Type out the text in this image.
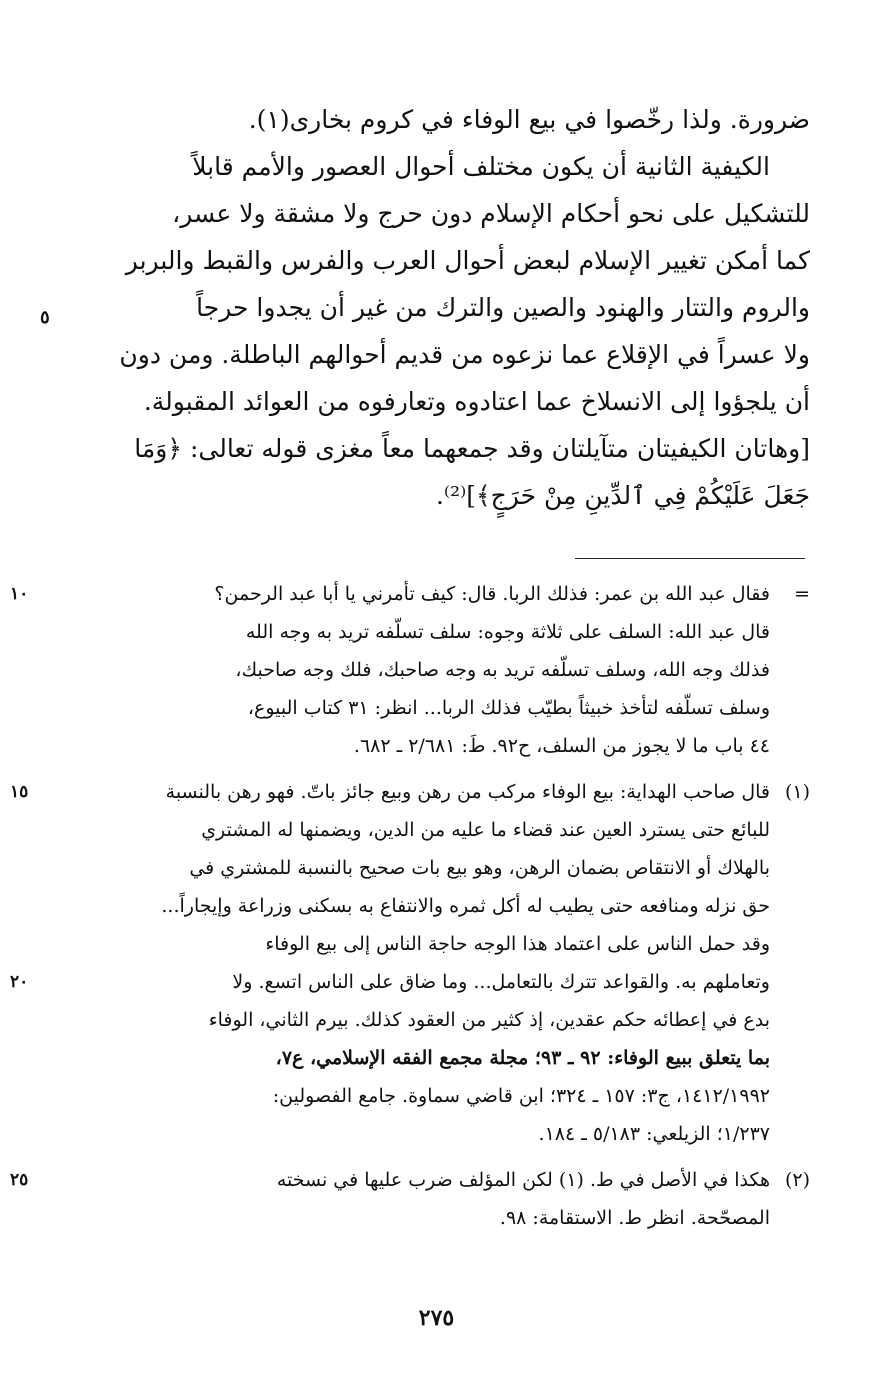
ضرورة. ولذا رخّصوا في بيع الوفاء في كروم بخارى(١).
الكيفية الثانية أن يكون مختلف أحوال العصور والأمم قابلاً
للتشكيل على نحو أحكام الإسلام دون حرج ولا مشقة ولا عسر،
كما أمكن تغيير الإسلام لبعض أحوال العرب والفرس والقبط والبربر
والروم والتتار والهنود والصين والترك من غير أن يجدوا حرجاً
ولا عسراً في الإقلاع عما نزعوه من قديم أحوالهم الباطلة. ومن دون
أن يلجؤوا إلى الانسلاخ عما اعتادوه وتعارفوه من العوائد المقبولة.
[وهاتان الكيفيتان متآيلتان وقد جمعهما معاً مغزى قوله تعالى: ﴿وَمَا
جَعَلَ عَلَيْكُمْ فِي ٱلدِّينِ مِنْ حَرَجٍ﴾]⁽²⁾.
٥
=
فقال عبد الله بن عمر: فذلك الربا. قال: كيف تأمرني يا أبا عبد الرحمن؟
١٠
قال عبد الله: السلف على ثلاثة وجوه: سلف تسلّفه تريد به وجه الله
فذلك وجه الله، وسلف تسلّفه تريد به وجه صاحبك، فلك وجه صاحبك،
وسلف تسلّفه لتأخذ خبيثاً بطيّب فذلك الربا... انظر: ٣١ كتاب البيوع،
٤٤ باب ما لا يجوز من السلف، ح٩٢. طَ: ٢/٦٨١ ـ ٦٨٢.
(١)
قال صاحب الهداية: بيع الوفاء مركب من رهن وبيع جائز باتّ. فهو رهن بالنسبة
١٥
للبائع حتى يسترد العين عند قضاء ما عليه من الدين، ويضمنها له المشتري
بالهلاك أو الانتقاص بضمان الرهن، وهو بيع بات صحيح بالنسبة للمشتري في
حق نزله ومنافعه حتى يطيب له أكل ثمره والانتفاع به بسكنى وزراعة وإيجاراً...
وقد حمل الناس على اعتماد هذا الوجه حاجة الناس إلى بيع الوفاء
وتعاملهم به. والقواعد تترك بالتعامل... وما ضاق على الناس اتسع. ولا
٢٠
بدع في إعطائه حكم عقدين، إذ كثير من العقود كذلك. بيرم الثاني، الوفاء
بما يتعلق ببيع الوفاء: ٩٢ ـ ٩٣؛ مجلة مجمع الفقه الإسلامي، ع٧،
١٤١٢/١٩٩٢، ج٣: ١٥٧ ـ ٣٢٤؛ ابن قاضي سماوة. جامع الفصولين:
١/٢٣٧؛ الزيلعي: ٥/١٨٣ ـ ١٨٤.
(٢)
هكذا في الأصل في ط. (١) لكن المؤلف ضرب عليها في نسخته
٢٥
المصحّحة. انظر ط. الاستقامة: ٩٨.
٢٧٥
